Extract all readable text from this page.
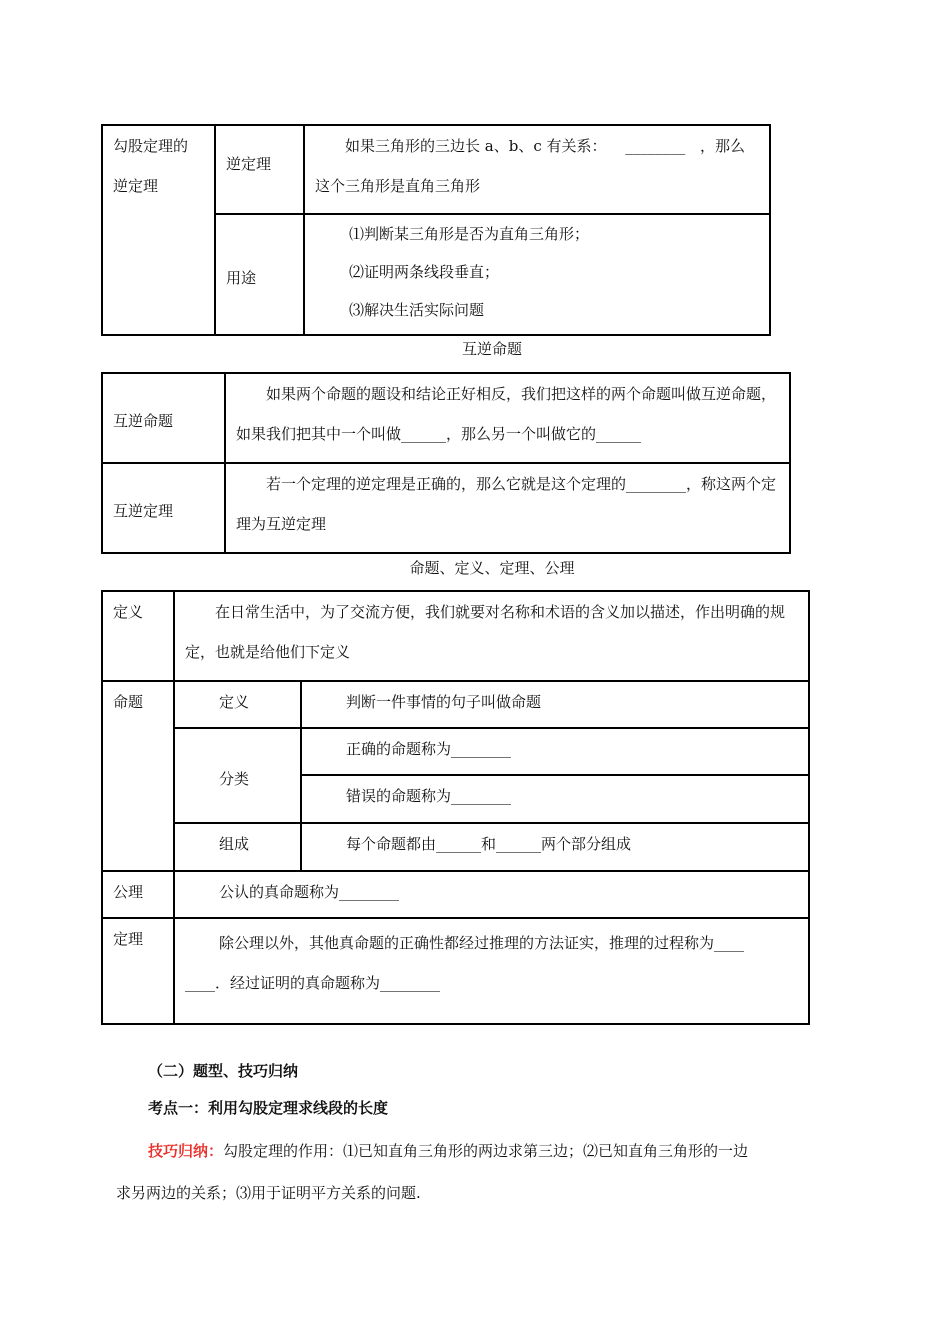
勾股定理的逆定理	逆定理	如果三角形的三边长 a、b、c 有关系： ________ ，那么这个三角形是直角三角形
	用途	⑴判断某三角形是否为直角三角形；
⑵证明两条线段垂直；
⑶解决生活实际问题
互逆命题
互逆命题	如果两个命题的题设和结论正好相反，我们把这样的两个命题叫做互逆命题，如果我们把其中一个叫做______，那么另一个叫做它的______
互逆定理	若一个定理的逆定理是正确的，那么它就是这个定理的________，称这两个定理为互逆定理
命题、定义、定理、公理
定义	在日常生活中，为了交流方便，我们就要对名称和术语的含义加以描述，作出明确的规定，也就是给他们下定义	
命题	定义	判断一件事情的句子叫做命题
	分类	正确的命题称为________
		错误的命题称为________
	组成	每个命题都由______和______两个部分组成
公理	公认的真命题称为________	
定理	除公理以外，其他真命题的正确性都经过推理的方法证实，推理的过程称为____
____．经过证明的真命题称为________	
（二）题型、技巧归纳
考点一：利用勾股定理求线段的长度
技巧归纳：勾股定理的作用：⑴已知直角三角形的两边求第三边；⑵已知直角三角形的一边
求另两边的关系；⑶用于证明平方关系的问题.
